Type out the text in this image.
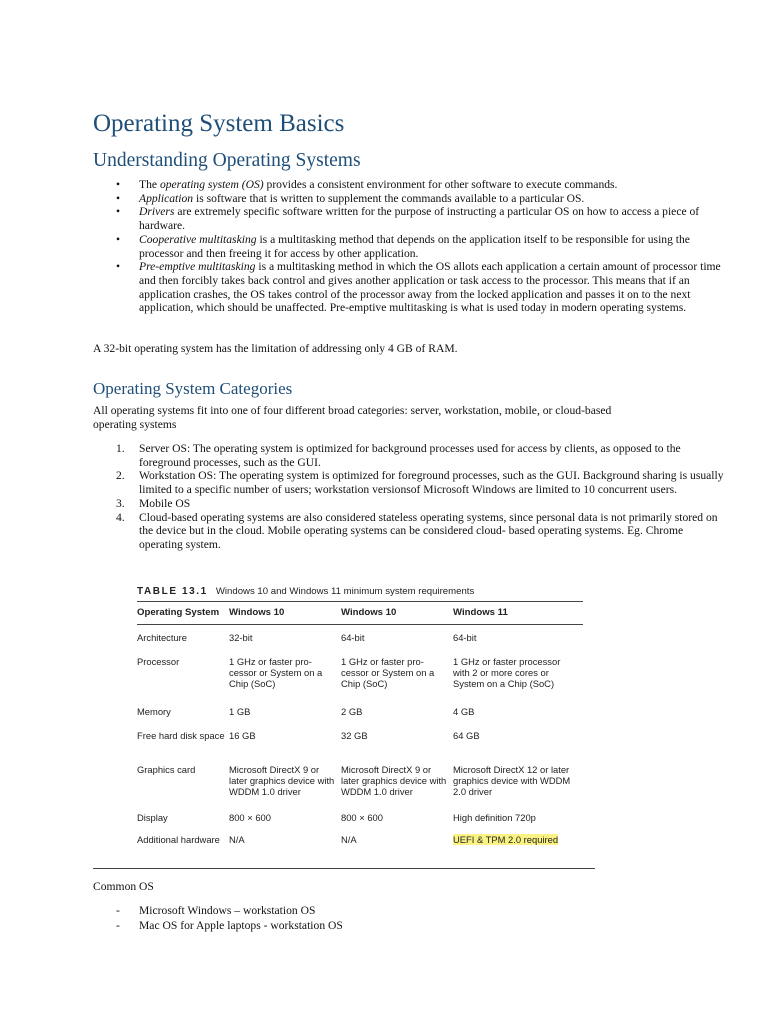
Operating System Basics
Understanding Operating Systems
• The operating system (OS) provides a consistent environment for other software to execute commands.
• Application is software that is written to supplement the commands available to a particular OS.
• Drivers are extremely specific software written for the purpose of instructing a particular OS on how to access a piece of hardware.
• Cooperative multitasking is a multitasking method that depends on the application itself to be responsible for using the processor and then freeing it for access by other application.
• Pre-emptive multitasking is a multitasking method in which the OS allots each application a certain amount of processor time and then forcibly takes back control and gives another application or task access to the processor. This means that if an application crashes, the OS takes control of the processor away from the locked application and passes it on to the next application, which should be unaffected. Pre-emptive multitasking is what is used today in modern operating systems.

A 32-bit operating system has the limitation of addressing only 4 GB of RAM.

Operating System Categories

All operating systems fit into one of four different broad categories: server, workstation, mobile, or cloud-based operating systems

1. Server OS: The operating system is optimized for background processes used for access by clients, as opposed to the foreground processes, such as the GUI.
2. Workstation OS: The operating system is optimized for foreground processes, such as the GUI. Background sharing is usually limited to a specific number of users; workstation versionsof Microsoft Windows are limited to 10 concurrent users.
3. Mobile OS
4. Cloud-based operating systems are also considered stateless operating systems, since personal data is not primarily stored on the device but in the cloud. Mobile operating systems can be considered cloud- based operating systems. Eg. Chrome operating system.
TABLE 13.1 Windows 10 and Windows 11 minimum system requirements
Operating System	Windows 10	Windows 10	Windows 11

Architecture	32-bit	64-bit	64-bit

Processor	1 GHz or faster pro-cessor or System on a Chip (SoC)	1 GHz or faster pro-cessor or System on a Chip (SoC)	1 GHz or faster processor with 2 or more cores or System on a Chip (SoC)

Memory	1 GB	2 GB	4 GB

Free hard disk space	16 GB	32 GB	64 GB

Graphics card	Microsoft DirectX 9 or later graphics device with WDDM 1.0 driver	Microsoft DirectX 9 or later graphics device with WDDM 1.0 driver	Microsoft DirectX 12 or later graphics device with WDDM 2.0 driver

Display	800 × 600	800 × 600	High definition 720p

Additional hardware	N/A	N/A	UEFI & TPM 2.0 required

Common OS

- Microsoft Windows – workstation OS
- Mac OS for Apple laptops - workstation OS
